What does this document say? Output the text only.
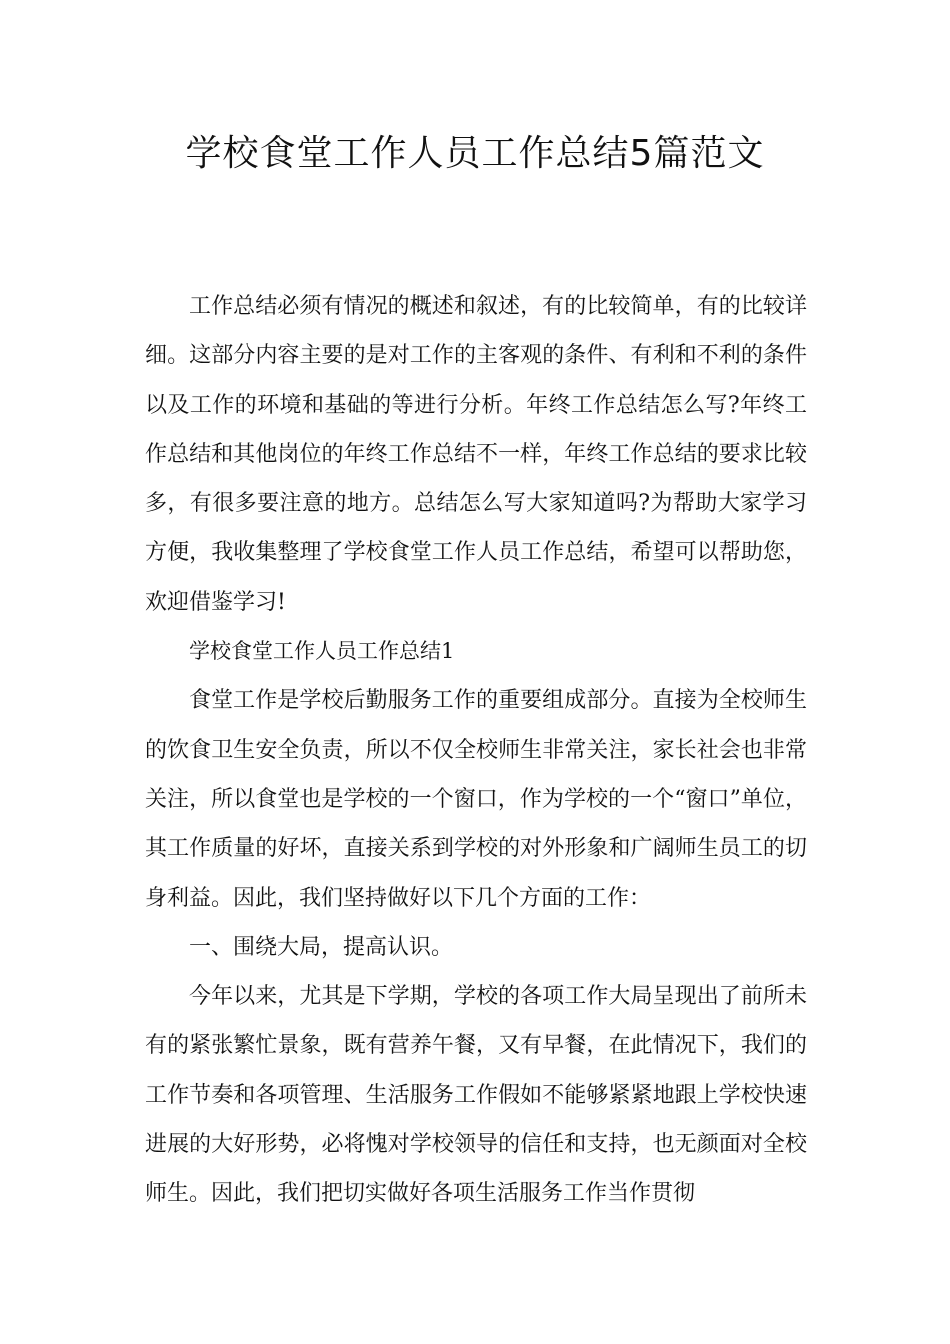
学校食堂工作人员工作总结5篇范文

工作总结必须有情况的概述和叙述，有的比较简单，有的比较详细。这部分内容主要的是对工作的主客观的条件、有利和不利的条件以及工作的环境和基础的等进行分析。年终工作总结怎么写?年终工作总结和其他岗位的年终工作总结不一样，年终工作总结的要求比较多，有很多要注意的地方。总结怎么写大家知道吗?为帮助大家学习方便，我收集整理了学校食堂工作人员工作总结，希望可以帮助您，欢迎借鉴学习!

学校食堂工作人员工作总结1

食堂工作是学校后勤服务工作的重要组成部分。直接为全校师生的饮食卫生安全负责，所以不仅全校师生非常关注，家长社会也非常关注，所以食堂也是学校的一个窗口，作为学校的一个“窗口”单位，其工作质量的好坏，直接关系到学校的对外形象和广阔师生员工的切身利益。因此，我们坚持做好以下几个方面的工作：

一、围绕大局，提高认识。

今年以来，尤其是下学期，学校的各项工作大局呈现出了前所未有的紧张繁忙景象，既有营养午餐，又有早餐，在此情况下，我们的工作节奏和各项管理、生活服务工作假如不能够紧紧地跟上学校快速进展的大好形势，必将愧对学校领导的信任和支持，也无颜面对全校师生。因此，我们把切实做好各项生活服务工作当作贯彻
